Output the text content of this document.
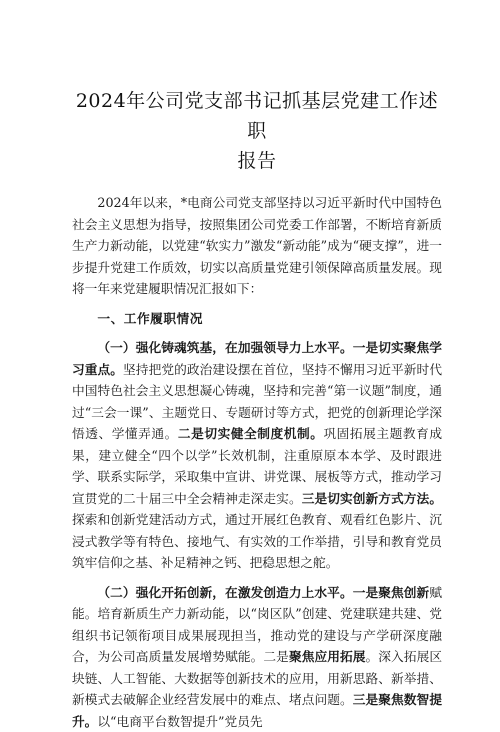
2024年公司党支部书记抓基层党建工作述职
报告

2024年以来，*电商公司党支部坚持以习近平新时代中国特色社会主义思想为指导，按照集团公司党委工作部署，不断培育新质生产力新动能，以党建“软实力”激发“新动能”成为“硬支撑”，进一步提升党建工作质效，切实以高质量党建引领保障高质量发展。现将一年来党建履职情况汇报如下：

一、工作履职情况

（一）强化铸魂筑基，在加强领导力上水平。一是切实聚焦学习重点。坚持把党的政治建设摆在首位，坚持不懈用习近平新时代中国特色社会主义思想凝心铸魂，坚持和完善“第一议题”制度，通过“三会一课”、主题党日、专题研讨等方式，把党的创新理论学深悟透、学懂弄通。二是切实健全制度机制。巩固拓展主题教育成果，建立健全“四个以学”长效机制，注重原原本本学、及时跟进学、联系实际学，采取集中宣讲、讲党课、展板等方式，推动学习宣贯党的二十届三中全会精神走深走实。三是切实创新方式方法。探索和创新党建活动方式，通过开展红色教育、观看红色影片、沉浸式教学等有特色、接地气、有实效的工作举措，引导和教育党员筑牢信仰之基、补足精神之钙、把稳思想之舵。

（二）强化开拓创新，在激发创造力上水平。一是聚焦创新赋能。培育新质生产力新动能，以“岗区队”创建、党建联建共建、党组织书记领衔项目成果展现担当，推动党的建设与产学研深度融合，为公司高质量发展增势赋能。二是聚焦应用拓展。深入拓展区块链、人工智能、大数据等创新技术的应用，用新思路、新举措、新模式去破解企业经营发展中的难点、堵点问题。三是聚焦数智提升。以“电商平台数智提升”党员先
